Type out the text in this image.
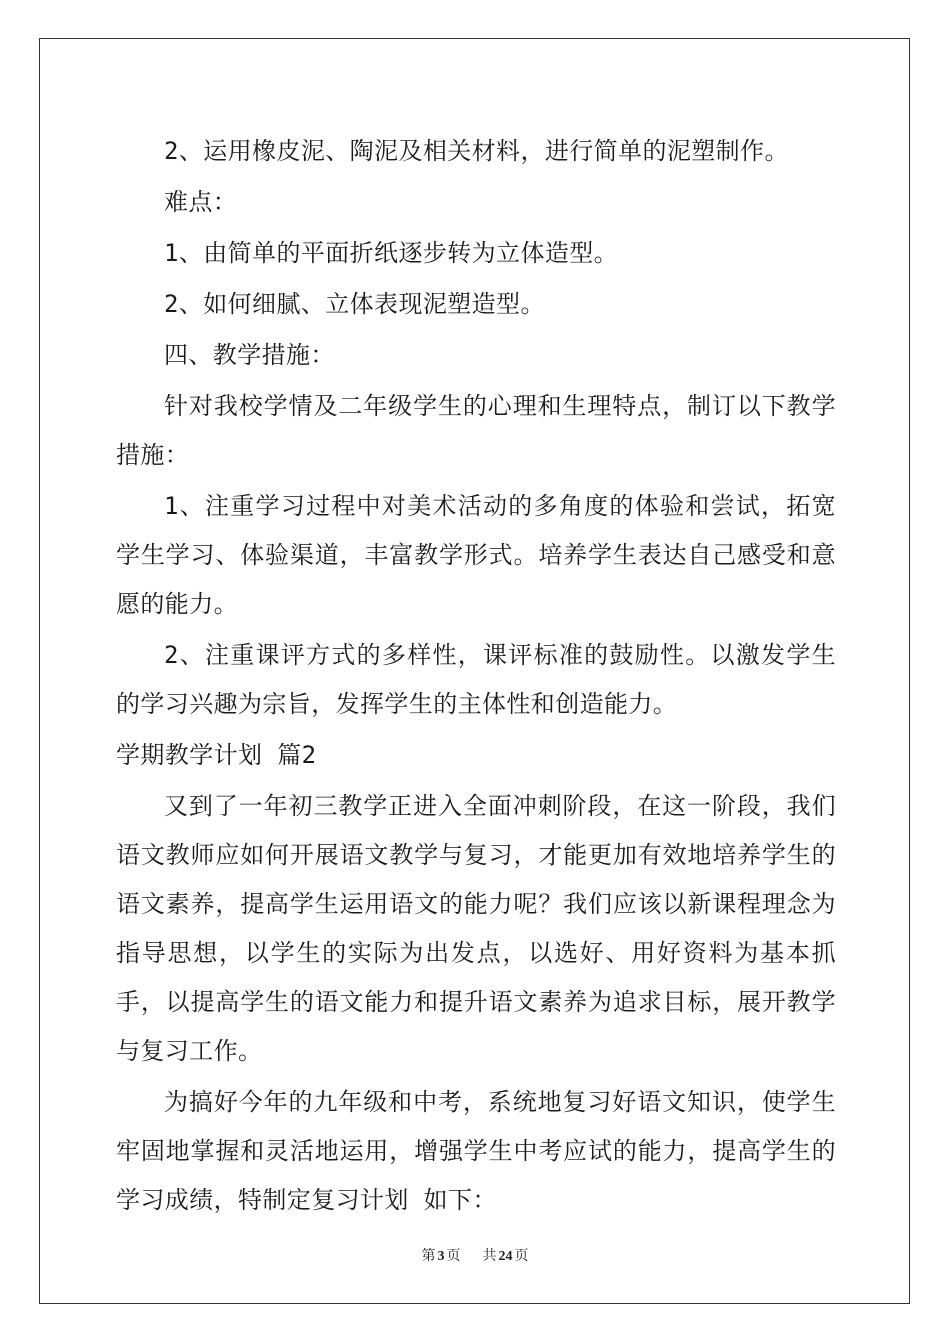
2、运用橡皮泥、陶泥及相关材料，进行简单的泥塑制作。

难点：

1、由简单的平面折纸逐步转为立体造型。

2、如何细腻、立体表现泥塑造型。

四、教学措施：

针对我校学情及二年级学生的心理和生理特点，制订以下教学措施：

1、注重学习过程中对美术活动的多角度的体验和尝试，拓宽学生学习、体验渠道，丰富教学形式。培养学生表达自己感受和意愿的能力。

2、注重课评方式的多样性，课评标准的鼓励性。以激发学生的学习兴趣为宗旨，发挥学生的主体性和创造能力。

学期教学计划 篇2

又到了一年初三教学正进入全面冲刺阶段，在这一阶段，我们语文教师应如何开展语文教学与复习，才能更加有效地培养学生的语文素养，提高学生运用语文的能力呢？我们应该以新课程理念为指导思想，以学生的实际为出发点，以选好、用好资料为基本抓手，以提高学生的语文能力和提升语文素养为追求目标，展开教学与复习工作。

为搞好今年的九年级和中考，系统地复习好语文知识，使学生牢固地掌握和灵活地运用，增强学生中考应试的能力，提高学生的学习成绩，特制定复习计划 如下：

第 3 页 共 24 页
